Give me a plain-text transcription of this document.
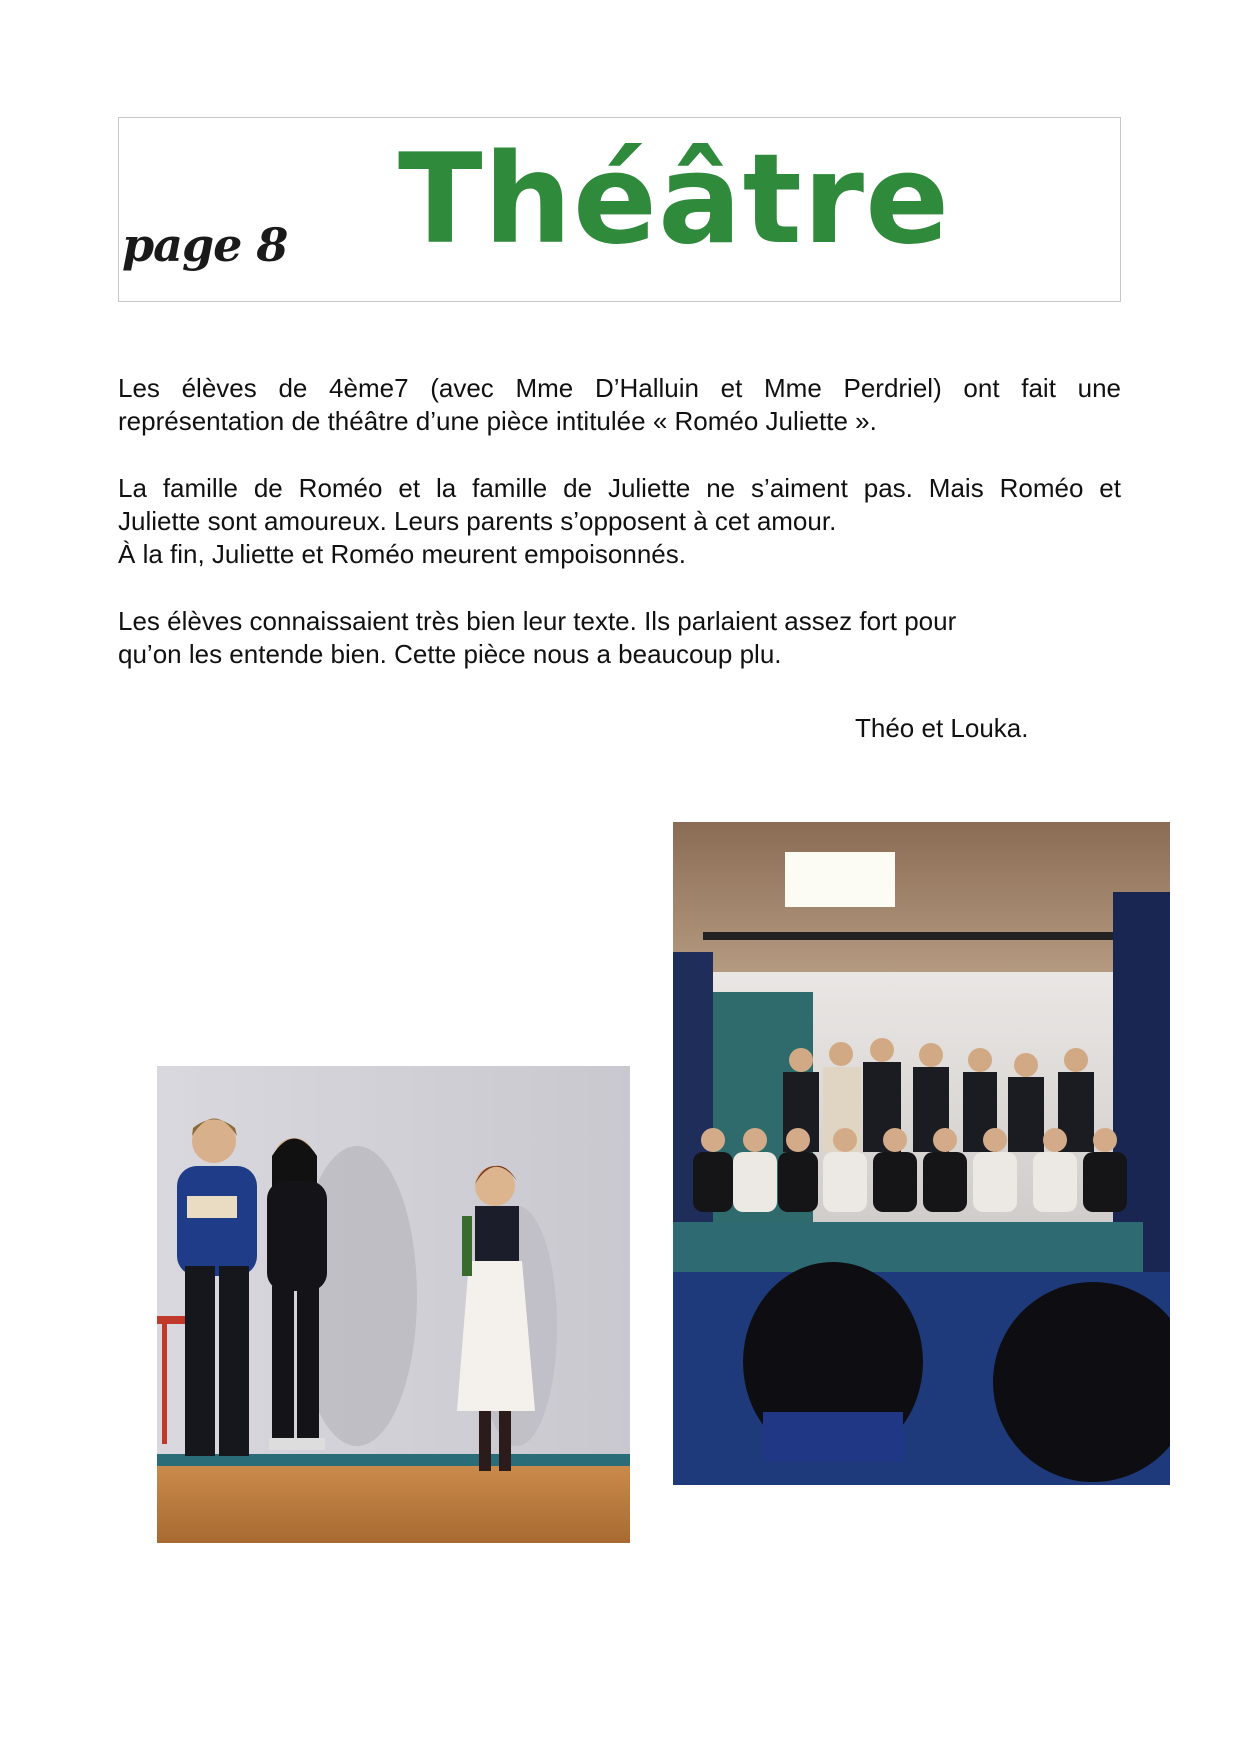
page 8 Théâtre

Les élèves de 4ème7 (avec Mme D’Halluin et Mme Perdriel) ont fait une
représentation de théâtre d’une pièce intitulée « Roméo Juliette ».

La famille de Roméo et la famille de Juliette ne s’aiment pas. Mais Roméo et
Juliette sont amoureux. Leurs parents s’opposent à cet amour.
À la fin, Juliette et Roméo meurent empoisonnés.

Les élèves connaissaient très bien leur texte. Ils parlaient assez fort pour
qu’on les entende bien. Cette pièce nous a beaucoup plu.

Théo et Louka.
